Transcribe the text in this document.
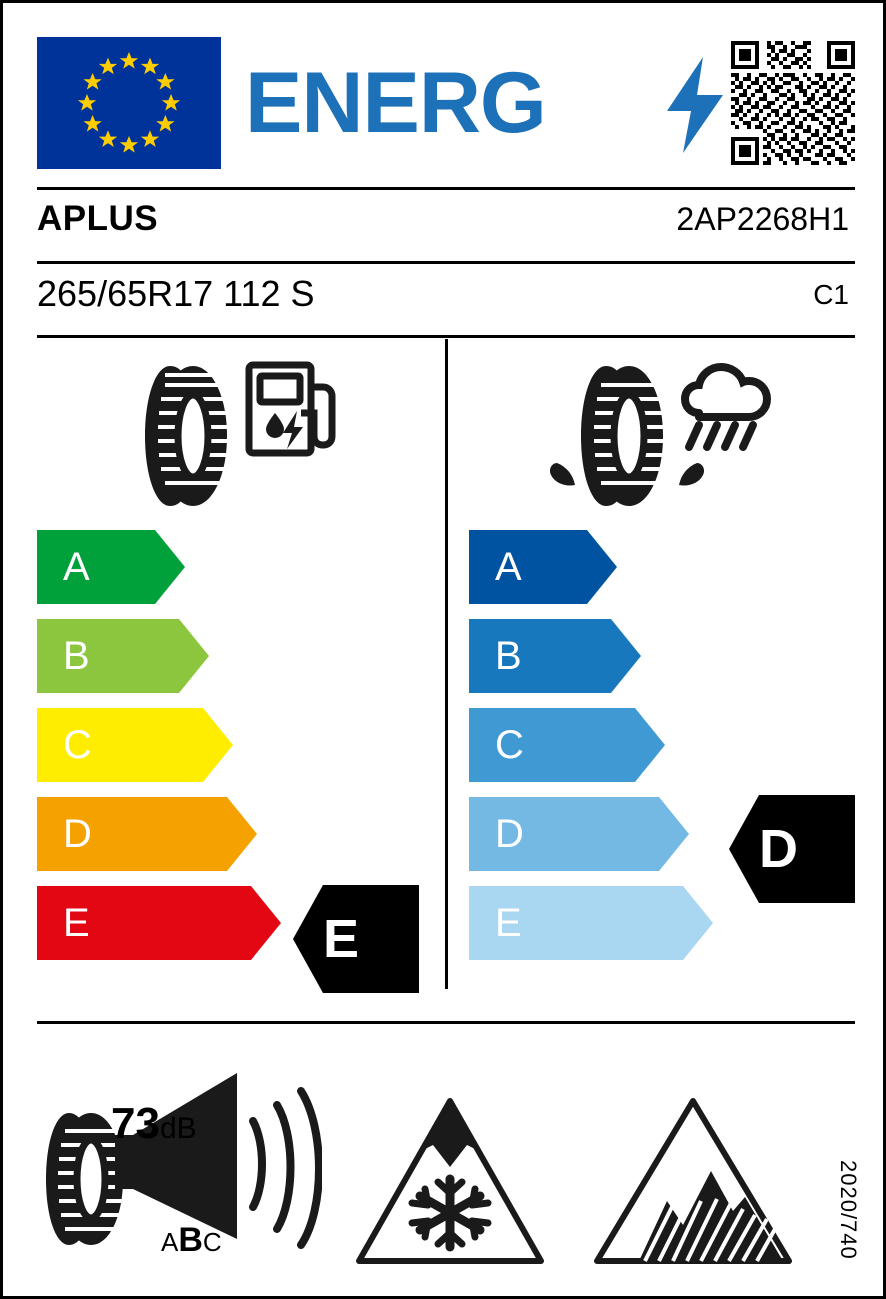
ENERG
APLUS	2AP2268H1
265/65R17 112 S	C1
A
B
C
D
E
A
B
C
D
E
E
D
73dB
ABC	2020/740
